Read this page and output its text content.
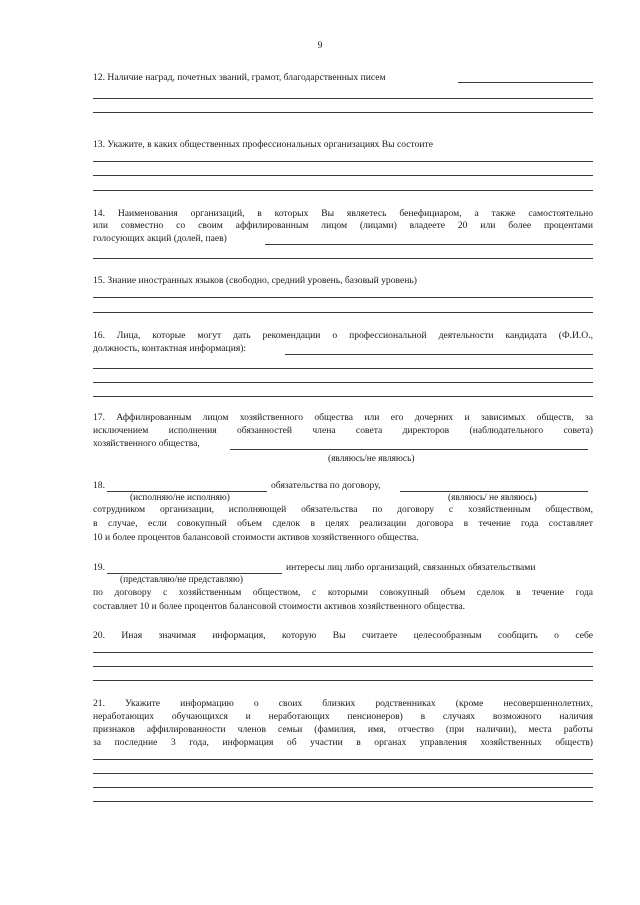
9
12. Наличие наград, почетных званий, грамот, благодарственных писем
13. Укажите, в каких общественных профессиональных организациях Вы состоите
14. Наименования организаций, в которых Вы являетесь бенефициаром, а также самостоятельно
или совместно со своим аффилированным лицом (лицами) владеете 20 или более процентами
голосующих акций (долей, паев)
15. Знание иностранных языков (свободно, средний уровень, базовый уровень)
16. Лица, которые могут дать рекомендации о профессиональной деятельности кандидата (Ф.И.О.,
должность, контактная информация):
17. Аффилированным лицом хозяйственного общества или его дочерних и зависимых обществ, за
исключением исполнения обязанностей члена совета директоров (наблюдательного совета)
хозяйственного общества,
(являюсь/не являюсь)
18.	обязательства по договору,
(исполняю/не исполняю)	(являюсь/ не являюсь)
сотрудником организации, исполняющей обязательства по договору с хозяйственным обществом,
в случае, если совокупный объем сделок в целях реализации договора в течение года составляет
10 и более процентов балансовой стоимости активов хозяйственного общества.
19.	интересы лиц либо организаций, связанных обязательствами
(представляю/не представляю)
по договору с хозяйственным обществом, с которыми совокупный объем сделок в течение года
составляет 10 и более процентов балансовой стоимости активов хозяйственного общества.
20. Иная значимая информация, которую Вы считаете целесообразным сообщить о себе
21. Укажите информацию о своих близких родственниках (кроме несовершеннолетних,
неработающих обучающихся и неработающих пенсионеров) в случаях возможного наличия
признаков аффилированности членов семьи (фамилия, имя, отчество (при наличии), места работы
за последние 3 года, информация об участии в органах управления хозяйственных обществ)
